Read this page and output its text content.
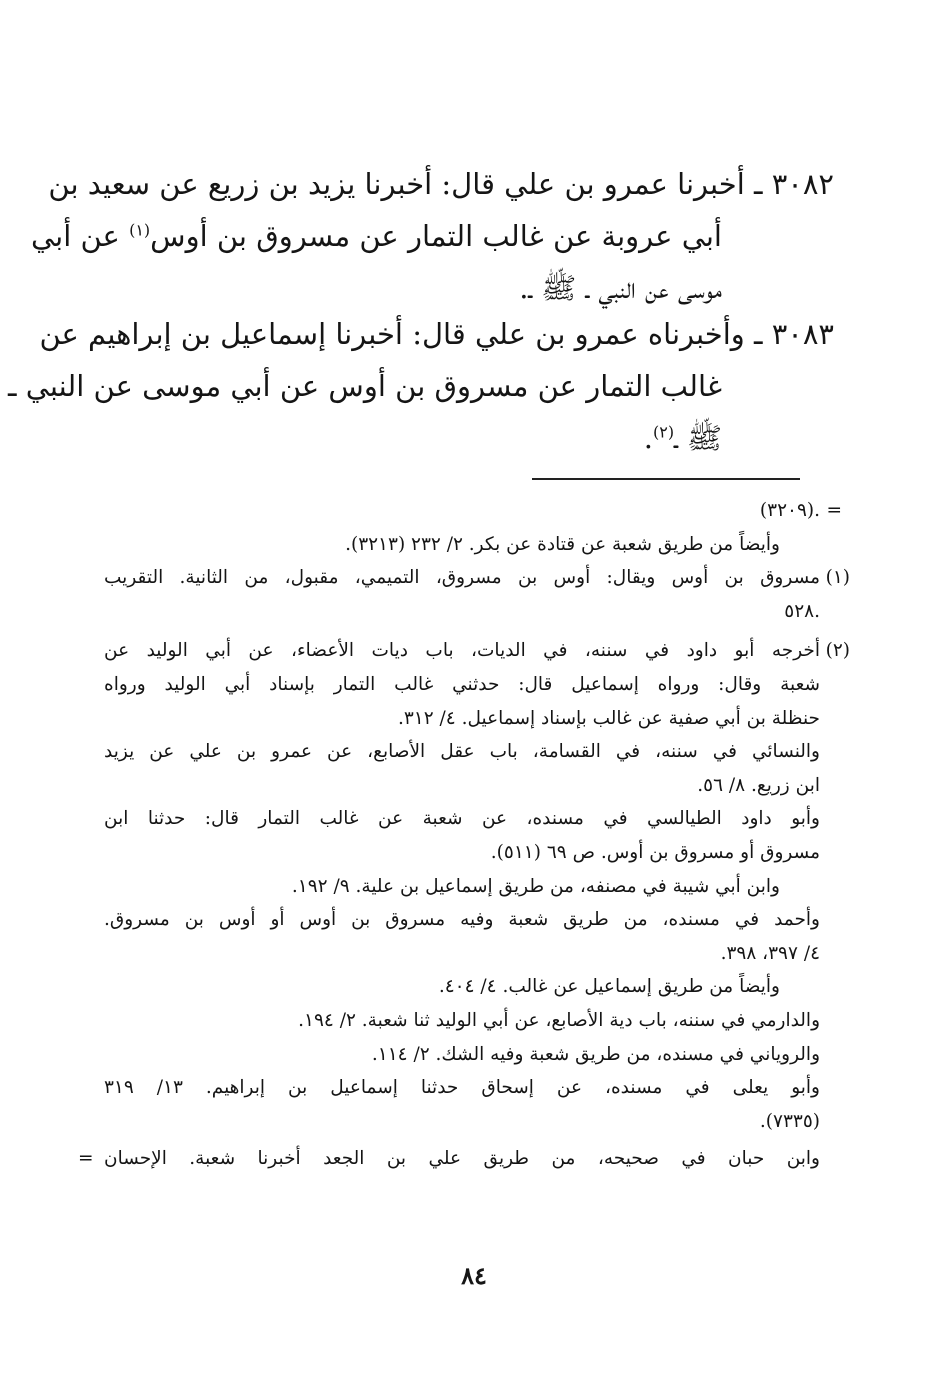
٣٠٨٢ ـ أخبرنا عمرو بن علي قال: أخبرنا يزيد بن زريع عن سعيد بن
أبي عروبة عن غالب التمار عن مسروق بن أوس$^{(١)}$ عن أبي
موسى عن النبي ـ ﷺ ـ.
٣٠٨٣ ـ وأخبرناه عمرو بن علي قال: أخبرنا إسماعيل بن إبراهيم عن
غالب التمار عن مسروق بن أوس عن أبي موسى عن النبي ـ
ﷺ ـ$^{(٢)}$.
=
.(٣٢٠٩)
وأيضاً من طريق شعبة عن قتادة عن بكر. ٢/ ٢٣٢ (٣٢١٣).
(١)
مسروق بن أوس ويقال: أوس بن مسروق، التميمي، مقبول، من الثانية. التقريب
.٥٢٨
(٢)
أخرجه أبو داود في سننه، في الديات، باب ديات الأعضاء، عن أبي الوليد عن
شعبة وقال: ورواه إسماعيل قال: حدثني غالب التمار بإسناد أبي الوليد ورواه
حنظلة بن أبي صفية عن غالب بإسناد إسماعيل. ٤/ ٣١٢.
والنسائي في سننه، في القسامة، باب عقل الأصابع، عن عمرو بن علي عن يزيد
ابن زريع. ٨/ ٥٦.
وأبو داود الطيالسي في مسنده، عن شعبة عن غالب التمار قال: حدثنا ابن
مسروق أو مسروق بن أوس. ص ٦٩ (٥١١).
وابن أبي شيبة في مصنفه، من طريق إسماعيل بن علية. ٩/ ١٩٢.
وأحمد في مسنده، من طريق شعبة وفيه مسروق بن أوس أو أوس بن مسروق.
٤/ ٣٩٧، ٣٩٨.
وأيضاً من طريق إسماعيل عن غالب. ٤/ ٤٠٤.
والدارمي في سننه، باب دية الأصابع، عن أبي الوليد ثنا شعبة. ٢/ ١٩٤.
والروياني في مسنده، من طريق شعبة وفيه الشك. ٢/ ١١٤.
وأبو يعلى في مسنده، عن إسحاق حدثنا إسماعيل بن إبراهيم. ١٣/ ٣١٩
(٧٣٣٥).
وابن حبان في صحيحه، من طريق علي بن الجعد أخبرنا شعبة. الإحسان
=
٨٤
